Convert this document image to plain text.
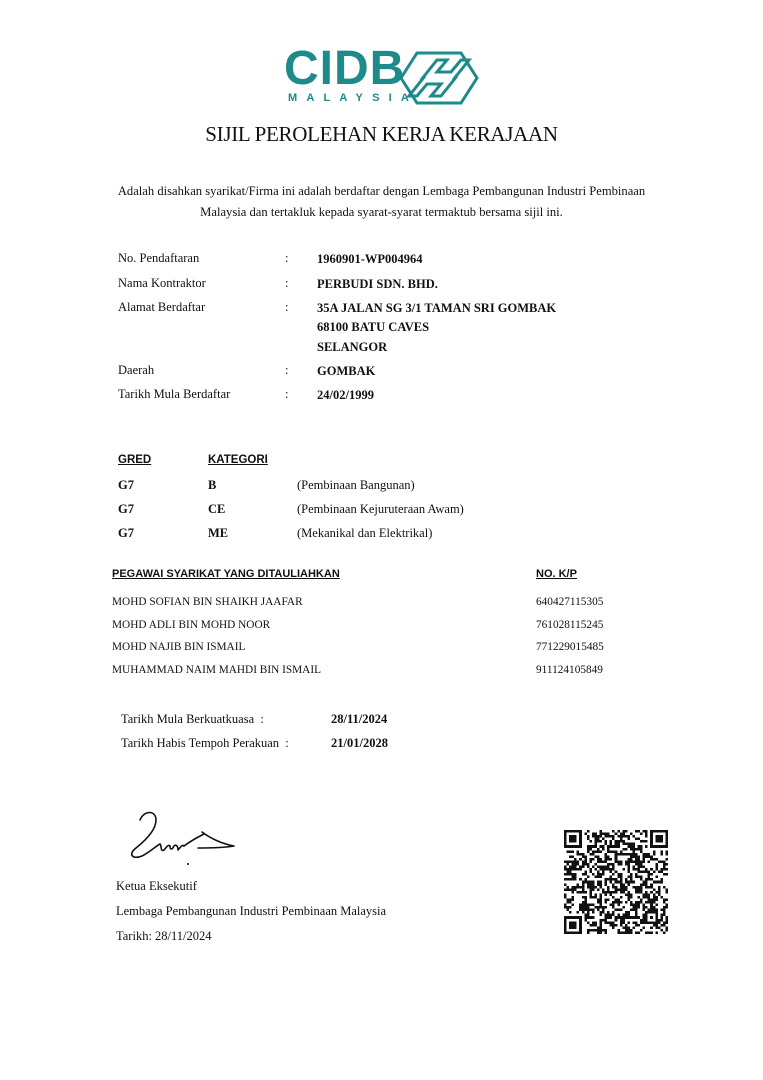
CIDB
MALAYSIA
SIJIL PEROLEHAN KERJA KERAJAAN
Adalah disahkan syarikat/Firma ini adalah berdaftar dengan Lembaga Pembangunan Industri Pembinaan Malaysia dan tertakluk kepada syarat-syarat termaktub bersama sijil ini.
No. Pendaftaran	: 1960901-WP004964
Nama Kontraktor	: PERBUDI SDN. BHD.
Alamat Berdaftar	: 35A JALAN SG 3/1 TAMAN SRI GOMBAK
68100 BATU CAVES
SELANGOR
Daerah	: GOMBAK
Tarikh Mula Berdaftar	: 24/02/1999
GRED	KATEGORI
G7	B	(Pembinaan Bangunan)
G7	CE	(Pembinaan Kejuruteraan Awam)
G7	ME	(Mekanikal dan Elektrikal)
PEGAWAI SYARIKAT YANG DITAULIAHKAN	NO. K/P
MOHD SOFIAN BIN SHAIKH JAAFAR	640427115305
MOHD ADLI BIN MOHD NOOR	761028115245
MOHD NAJIB BIN ISMAIL	771229015485
MUHAMMAD NAIM MAHDI BIN ISMAIL	911124105849
Tarikh Mula Berkuatkuasa  :	28/11/2024
Tarikh Habis Tempoh Perakuan  :	21/01/2028
Ketua Eksekutif
Lembaga Pembangunan Industri Pembinaan Malaysia
Tarikh: 28/11/2024
